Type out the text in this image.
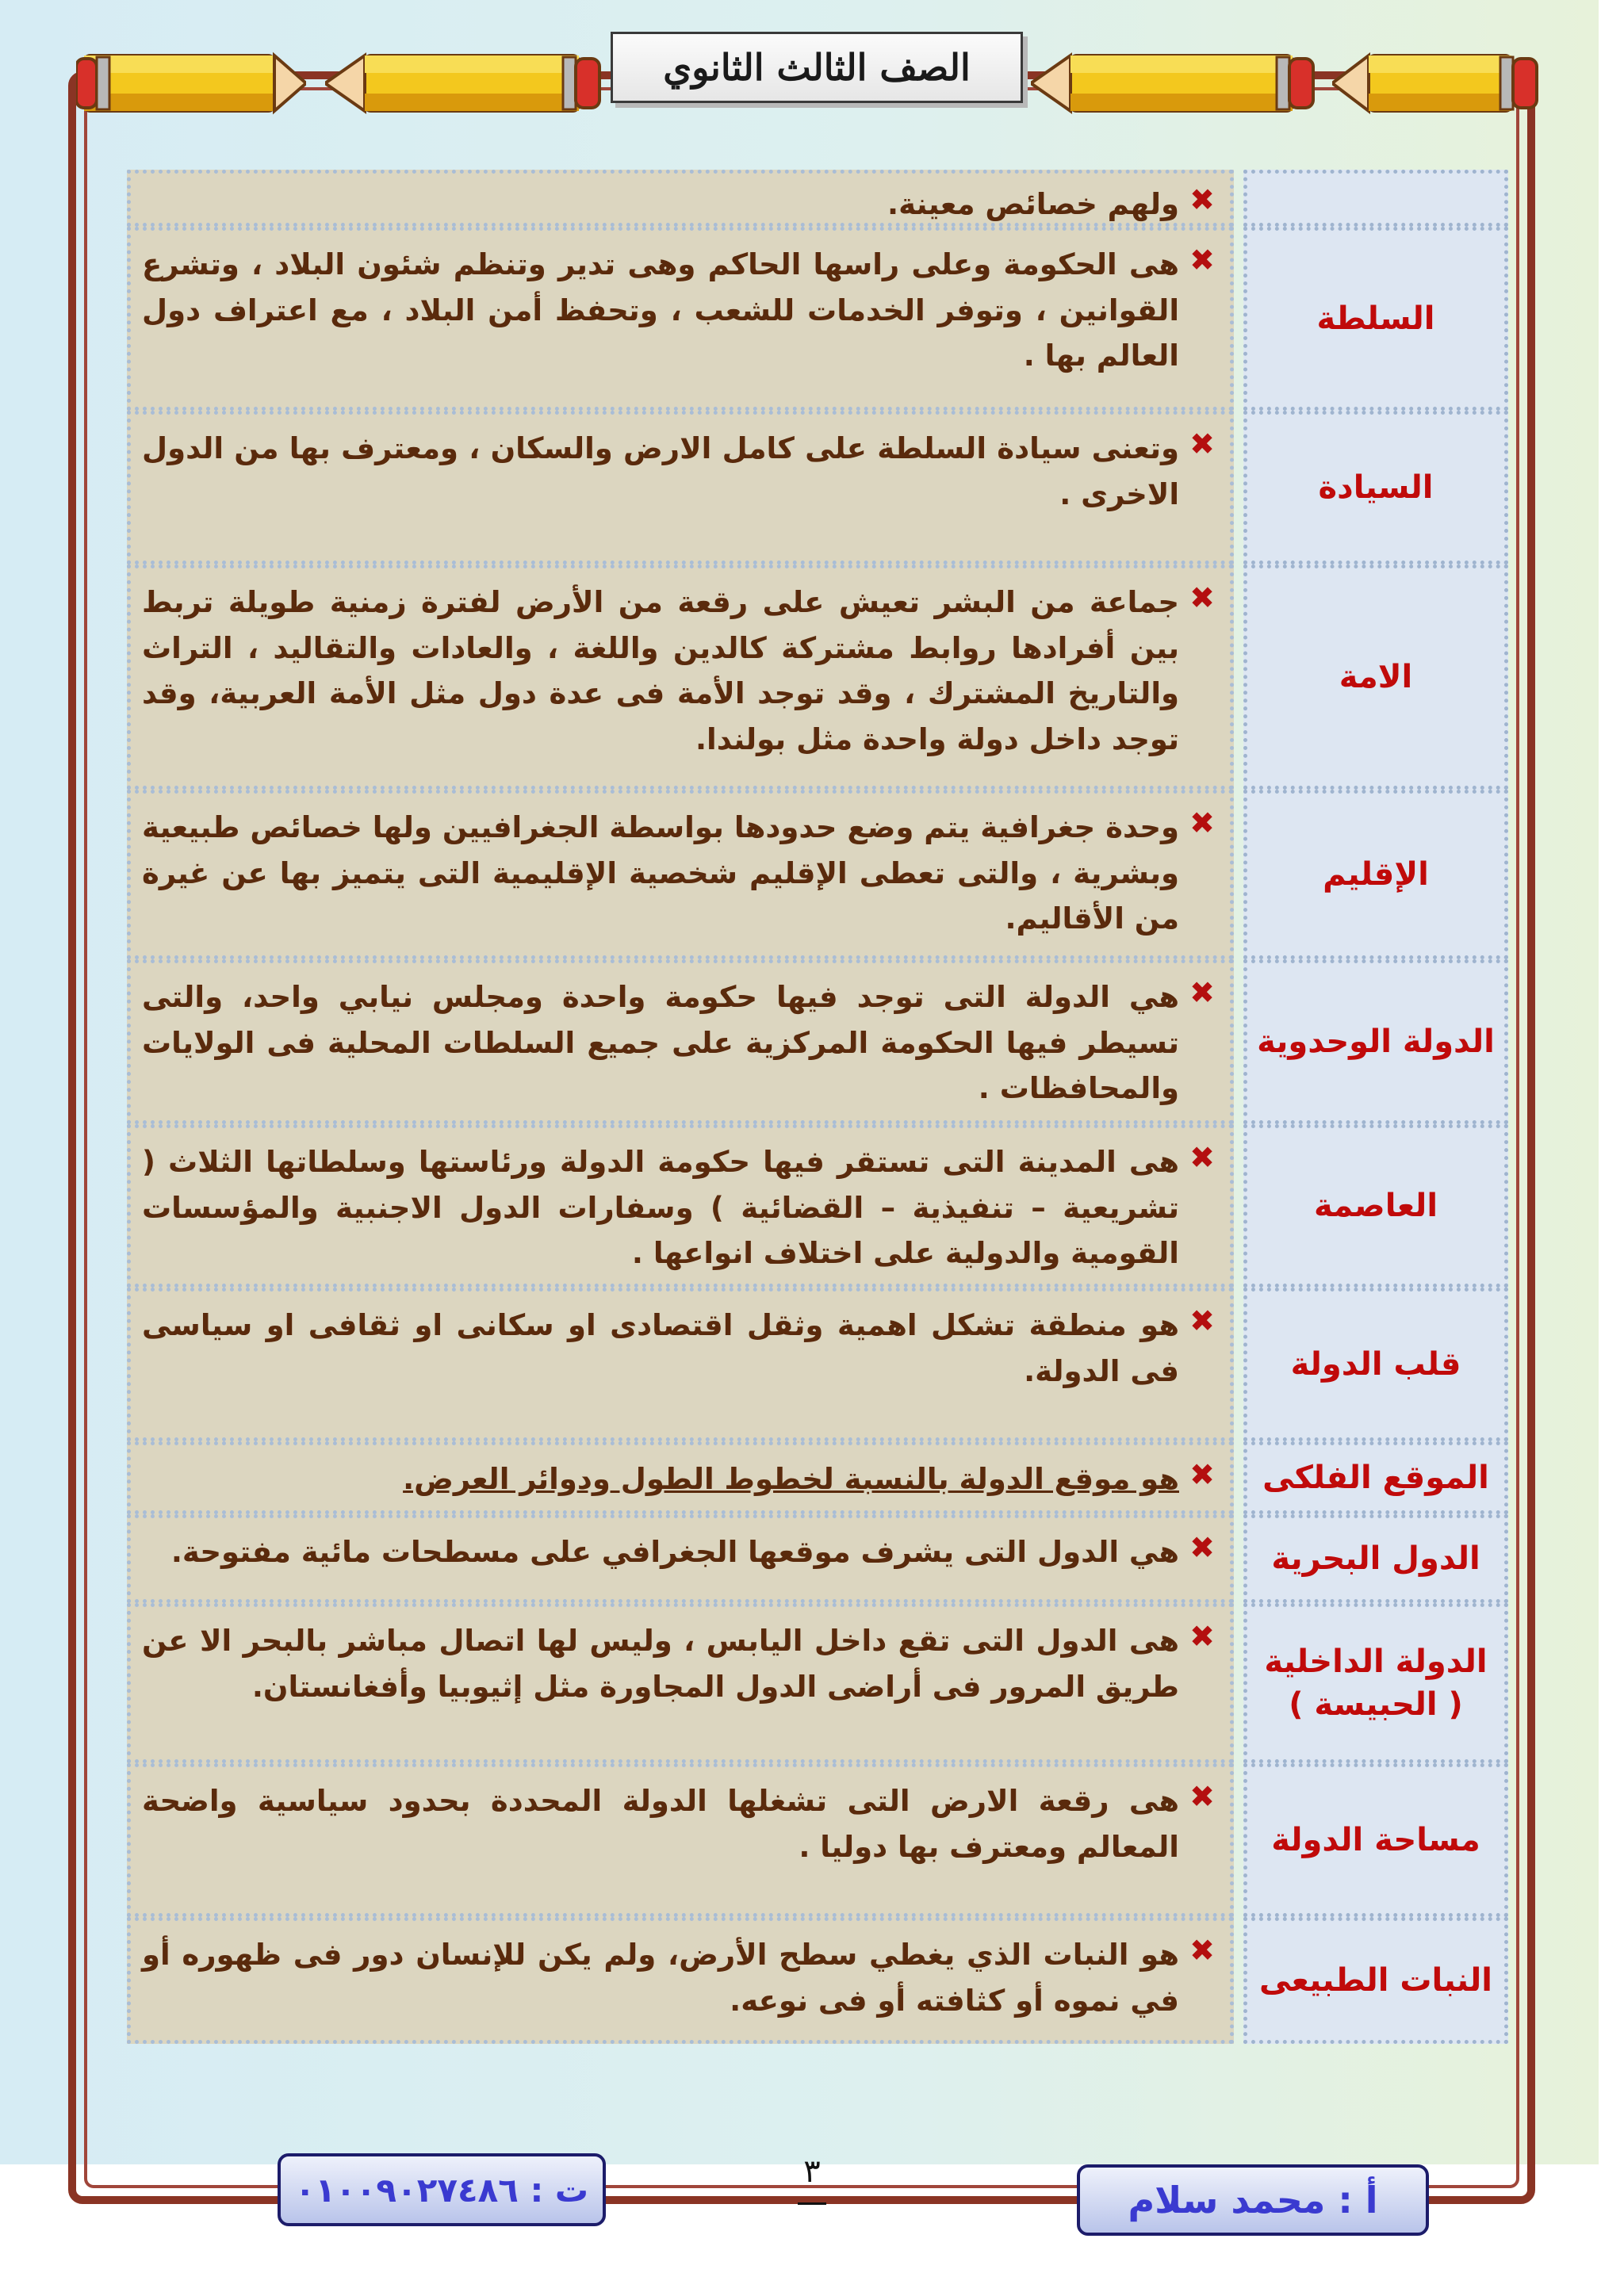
الصف الثالث الثانوي
✖
ولهم خصائص معينة.
السلطة
✖
هى الحكومة وعلى راسها الحاكم وهى تدير وتنظم شئون البلاد ، وتشرع القوانين ، وتوفر الخدمات للشعب ، وتحفظ أمن البلاد ، مع اعتراف دول العالم بها .
السيادة
✖
وتعنى سيادة السلطة على كامل الارض والسكان ، ومعترف بها من الدول الاخرى .
الامة
✖
جماعة من البشر تعيش على رقعة من الأرض لفترة زمنية طويلة تربط بين أفرادها روابط مشتركة كالدين واللغة ، والعادات والتقاليد ، التراث والتاريخ المشترك ، وقد توجد الأمة فى عدة دول مثل الأمة العربية، وقد توجد داخل دولة واحدة مثل بولندا.
الإقليم
✖
وحدة جغرافية يتم وضع حدودها بواسطة الجغرافيين ولها خصائص طبيعية وبشرية ، والتى تعطى الإقليم شخصية الإقليمية التى يتميز بها عن غيرة من الأقاليم.
الدولة الوحدوية
✖
هي الدولة التى توجد فيها حكومة واحدة ومجلس نيابي واحد، والتى تسيطر فيها الحكومة المركزية على جميع السلطات المحلية فى الولايات والمحافظات .
العاصمة
✖
هى المدينة التى تستقر فيها حكومة الدولة ورئاستها وسلطاتها الثلاث ( تشريعية – تنفيذية – القضائية ) وسفارات الدول الاجنبية والمؤسسات القومية والدولية على اختلاف انواعها .
قلب الدولة
✖
هو منطقة تشكل اهمية وثقل اقتصادى او سكانى او ثقافى او سياسى فى الدولة.
الموقع الفلكى
✖
هو موقع الدولة بالنسبة لخطوط الطول ودوائر العرض.
الدول البحرية
✖
هي الدول التى يشرف موقعها الجغرافي على مسطحات مائية مفتوحة.
الدولة الداخلية ( الحبيسة )
✖
هى الدول التى تقع داخل اليابس ، وليس لها اتصال مباشر بالبحر الا عن طريق المرور فى أراضى الدول المجاورة مثل إثيوبيا وأفغانستان.
مساحة الدولة
✖
هى رقعة الارض التى تشغلها الدولة المحددة بحدود سياسية واضحة المعالم ومعترف بها دوليا .
النبات الطبيعى
✖
هو النبات الذي يغطي سطح الأرض، ولم يكن للإنسان دور فى ظهوره أو في نموه أو كثافته أو فى نوعه.
ت : ٠١٠٠٩٠٢٧٤٨٦	٣
أ : محمد سلام
